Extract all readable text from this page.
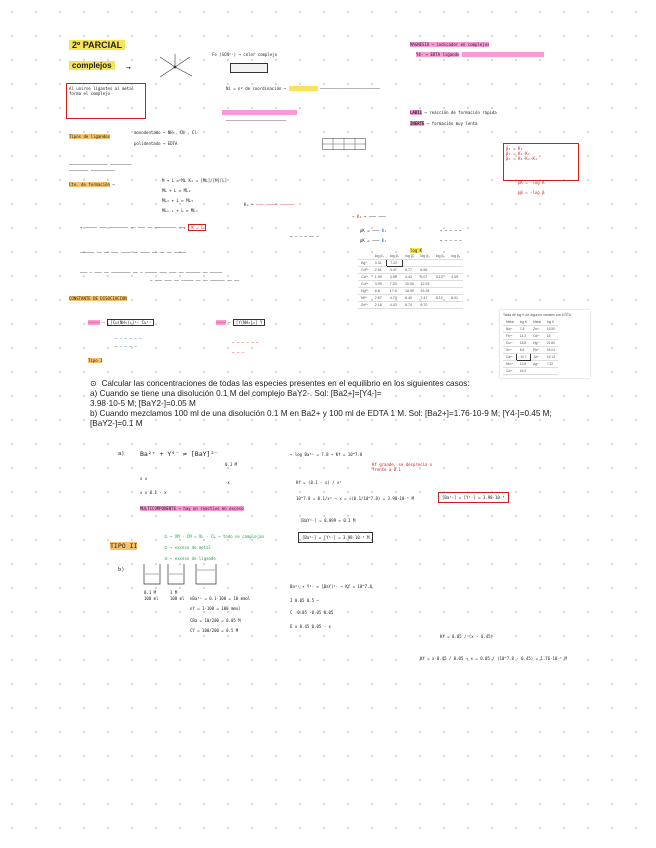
2º PARCIAL
complejos	→
Fe (SCN²⁺) → color complejo
Ni = nº de coordinación →	─────────────────────────
MAGNESIO → indicador en complejos
Y4- → EDTA ligando
Al unirse ligantes al metal forma el complejo

─────────────────────────
LABIL → reacción de formación rápida
INERTE → formación muy lenta
Tipos de ligandos
monodentado → NH₃, CN⁻, Cl⁻
polidentado → EDTA
β₁ = K₁
β₂ = K₁·K₂
β₃ = K₁·K₂·K₃
pK = -log K
pβ = -log β
──────────────── ─────────
──────── ──────────
Cte. de formación →
M + L ⇌ ML K₁ = [ML]/[M][L]
ML + L ⇌ ML₂
ML₂ + L ⇌ ML₃
MLₙ₋₁ + L ⇌ MLₙ
Kₙ → ─── ───── ──────
→ ───── ─── ──────── ── ─── ── ───────── ──▸ K = L
→ ─ ─ ─ ── ─
→ K₁ → ─── ───
pK = ─── K₁
pK = ─── K₂
→ ─ ─ ─ ─
→ ─ ─ ─ ─
────── ── ── ─── ──── ── ──── ── ── ── ─────
─── ─ ─── ── ──────── ── ─ ───── ─── ─── ── ────── ── ─────
─ ─── ─── ── ───── ── ── ────── ── ──
log K
	log β₁	log β₂	log β₃	log β₄	log β₅	log β₆
Ag⁺	3.31	7.22				
Cd²⁺	2.51	4.47	5.77	6.56		
Co²⁺	1.99	3.50	4.43	5.07	5.13	4.39
Cu²⁺	3.99	7.33	10.06	12.03		
Hg²⁺	8.8	17.5	18.50	19.28		
Ni²⁺	2.67	4.79	6.40	7.47	8.10	8.01
Zn²⁺	2.18	4.43	6.74	8.70		
Tabla de log K de algunos metales con EDTA
Metal	log K	Metal	log K
Ba²⁺	7.8	Zn²⁺	16.50
Fe²⁺	14.3	Cd²⁺	16
Cu²⁺	18.8	Hg²⁺	21.80
Sr²⁺	8.6	Pb²⁺	18.04
Ca²⁺	10.7	Al³⁺	16.13
Mn²⁺	13.8	Ag⁺	7.32
Co²⁺	16.3		
CONSTANTE DE DISOCIACIÓN
───── → [Cu(NH₃)₄]²⁺ Cu²⁺	──── → [Y(NH₃)₆] Y
─ ─ ─ ─ ─ ─
─ ─ ─ ─ ─
─ ─ ─ ─ ─ ─
─ ─ ─
Tipo I
⊙ Calcular las concentraciones de todas las especies presentes en el equilibrio en los siguientes casos:
a) Cuando se tiene una disolución 0.1 M del complejo BaY2-. Sol: [Ba2+]=[Y4-]=
3.98·10-5 M; [BaY2-]=0.05 M
b) Cuando mezclamos 100 ml de una disolución 0.1 M en Ba2+ y 100 ml de EDTA 1 M. Sol: [Ba2+]=1.76·10-9 M; [Y4-]=0.45 M;
[BaY2-]=0.1 M
a) Ba²⁺ + Y⁴⁻ ⇌ [BaY]²⁻
0.1 M
x x
-x
x x 0.1 - x
→ log Ba²⁺ = 7.8 → Kf = 10^7.8
Kf = (0.1 - x) / x²
Kf grande, se desprecia x frente a 0.1
10^7.8 = 0.1/x² → x = √(0.1/10^7.8) = 3.98·10⁻⁵ M	[Ba²⁺] = [Y⁴⁻] = 3.98·10⁻⁵
[BaY²⁻] = 0.099 ≈ 0.1 M
[Ba²⁺] = [Y⁴⁻] = 3.98·10⁻⁵ M
MULTICOMPONENTE → hay un reactivo en exceso
TIPO II
① → VM · CM = VL · CL → todo se complejan
② → exceso de metal
③ → exceso de ligando
b)
0.1 M	1 M
100 ml	100 ml nBa²⁺ = 0.1·100 = 10 mmol
nY = 1·100 = 100 mmol
CBa = 10/200 = 0.05 M
CY = 100/200 = 0.5 M
Ba²⁺ + Y⁴⁻ ⇌ [BaY]²⁻ → Kf = 10^7.8
I 0.05 0.5 —
C -0.05 -0.05 0.05
E x 0.45 0.05 - x
Kf = 0.05 / (x · 0.45)
Kf = x·0.45 / 0.05 → x = 0.05 / (10^7.8 · 0.45) = 1.76·10⁻⁹ M
